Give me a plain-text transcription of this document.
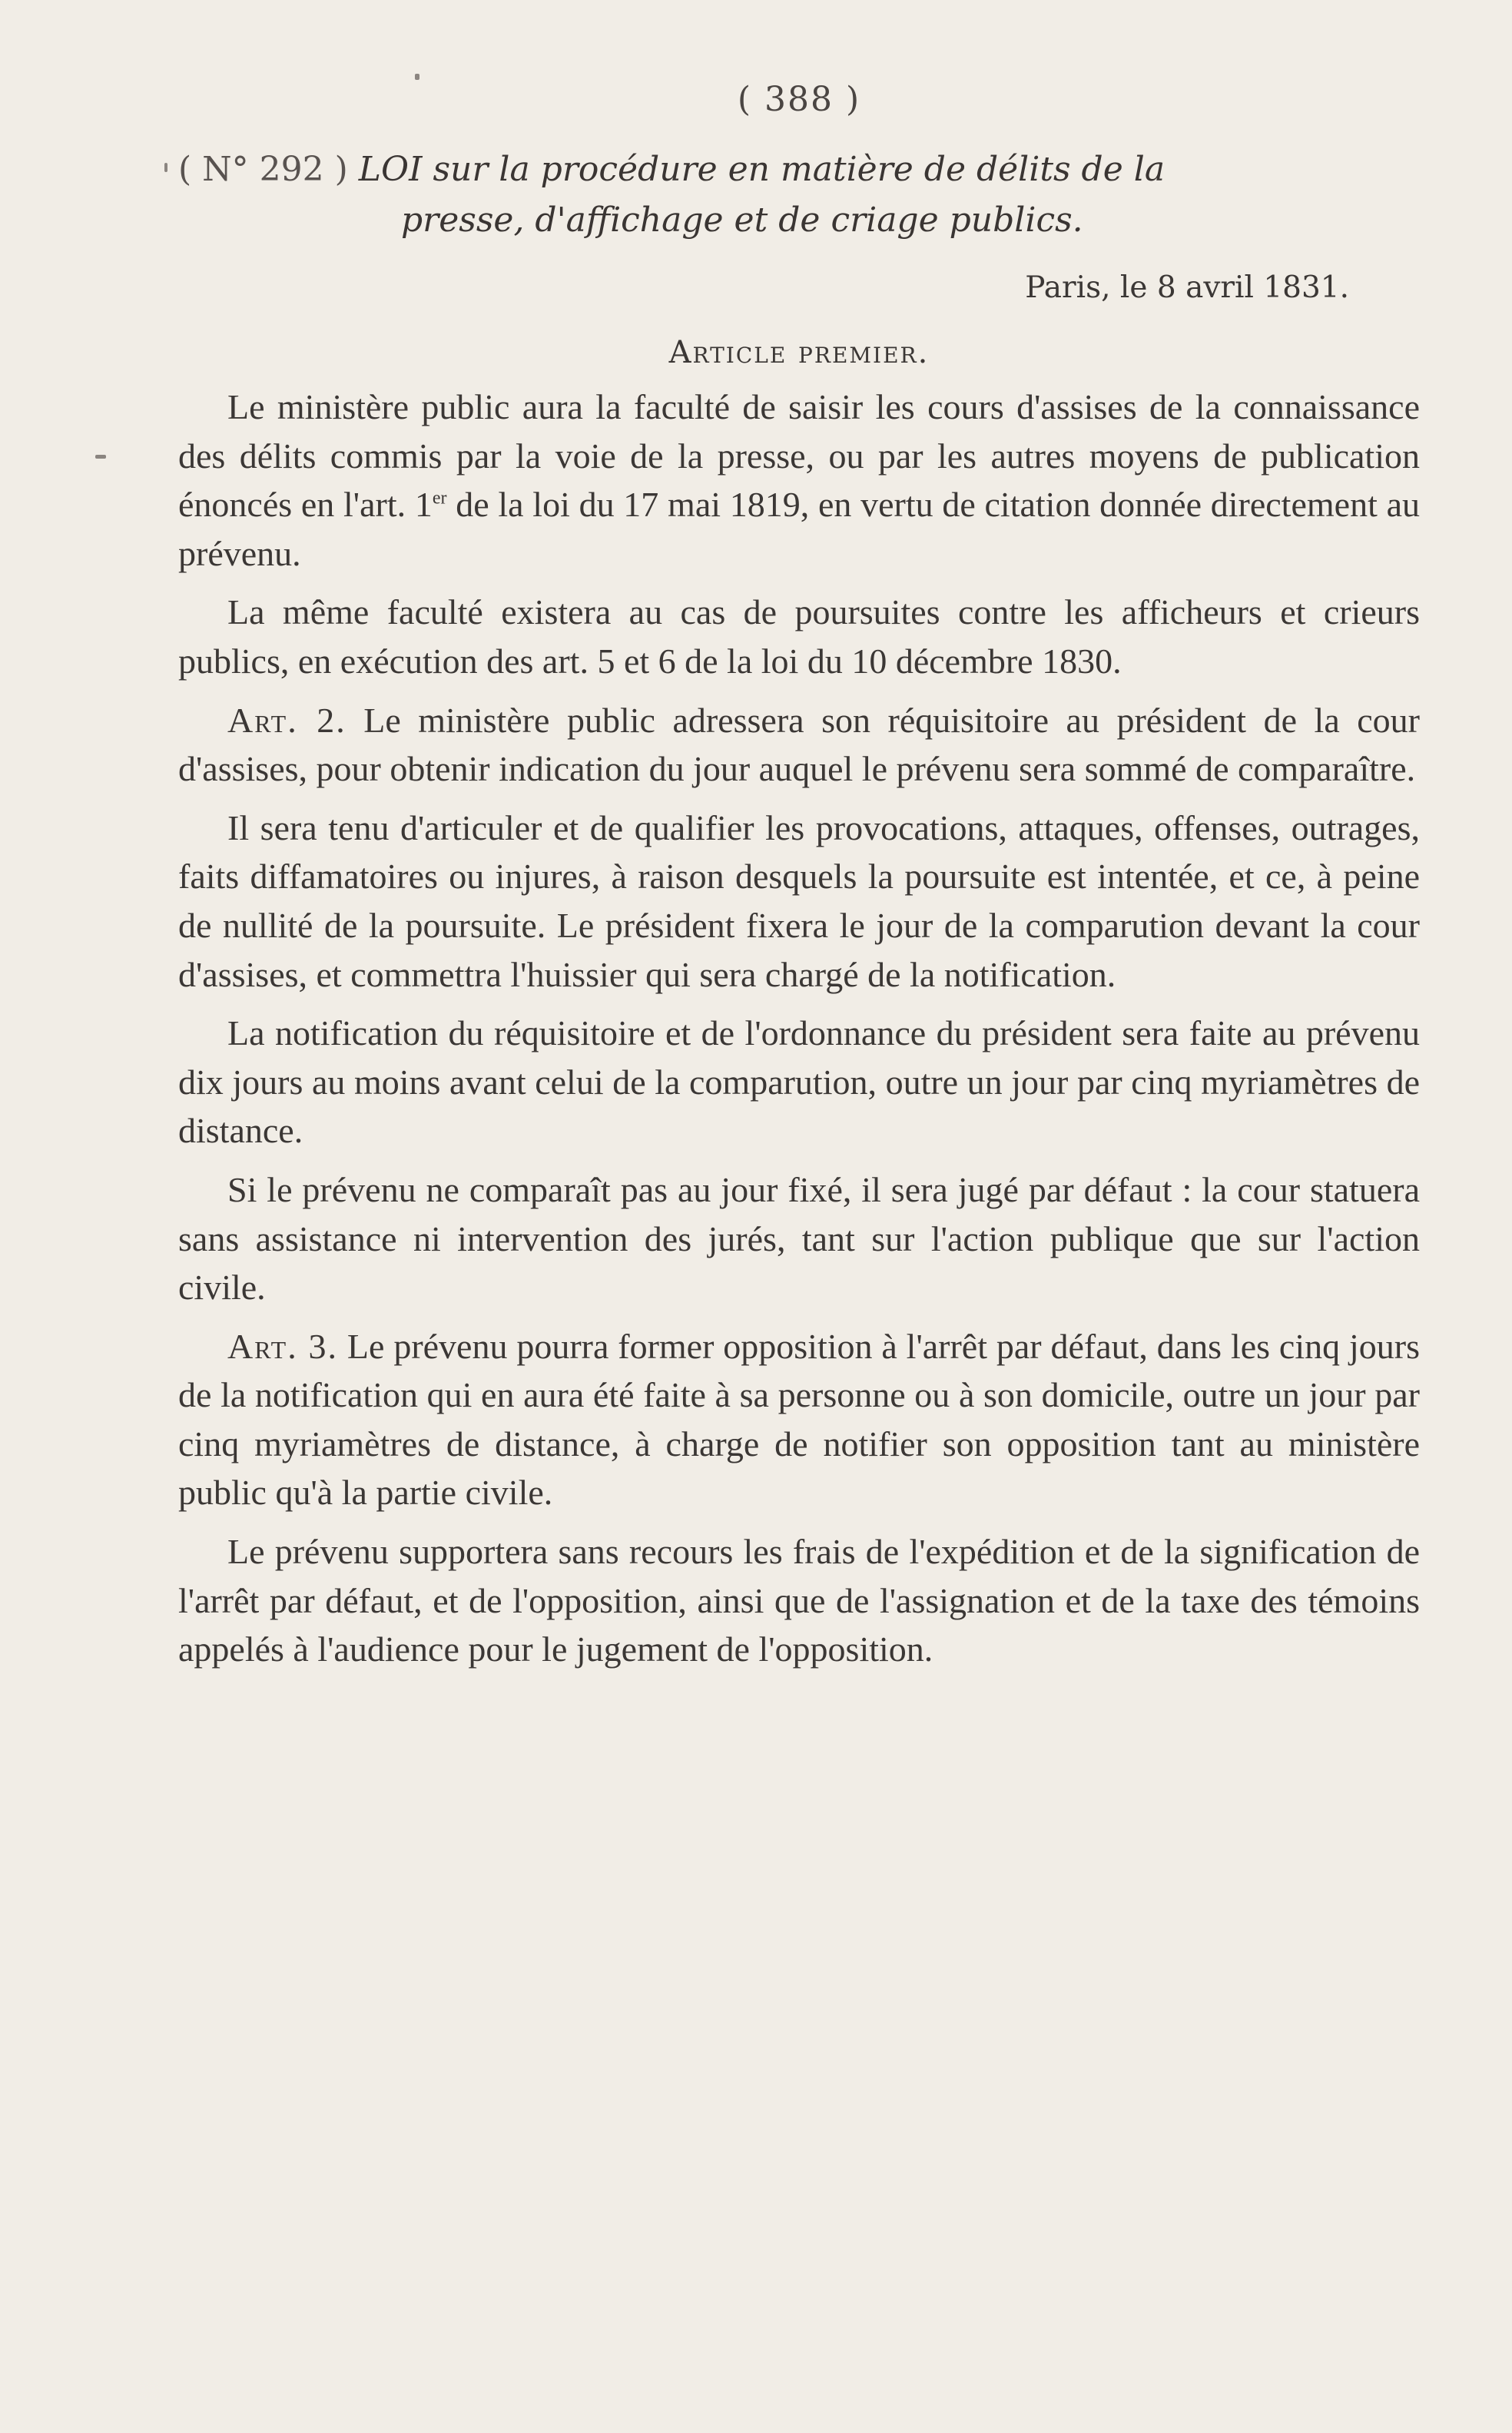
( 388 )
( N° 292 ) LOI sur la procédure en matière de délits de la
presse, d'affichage et de criage publics.
Paris, le 8 avril 1831.
Article premier.

Le ministère public aura la faculté de saisir les cours d'assises de la connaissance des délits commis par la voie de la presse, ou par les autres moyens de publication énoncés en l'art. 1er de la loi du 17 mai 1819, en vertu de citation donnée directement au prévenu.

La même faculté existera au cas de poursuites contre les afficheurs et crieurs publics, en exécution des art. 5 et 6 de la loi du 10 décembre 1830.

Art. 2. Le ministère public adressera son réquisitoire au président de la cour d'assises, pour obtenir indication du jour auquel le prévenu sera sommé de comparaître.

Il sera tenu d'articuler et de qualifier les provocations, attaques, offenses, outrages, faits diffamatoires ou injures, à raison desquels la poursuite est intentée, et ce, à peine de nullité de la poursuite. Le président fixera le jour de la comparution devant la cour d'assises, et commettra l'huissier qui sera chargé de la notification.

La notification du réquisitoire et de l'ordonnance du président sera faite au prévenu dix jours au moins avant celui de la comparution, outre un jour par cinq myriamètres de distance.

Si le prévenu ne comparaît pas au jour fixé, il sera jugé par défaut : la cour statuera sans assistance ni intervention des jurés, tant sur l'action publique que sur l'action civile.

Art. 3. Le prévenu pourra former opposition à l'arrêt par défaut, dans les cinq jours de la notification qui en aura été faite à sa personne ou à son domicile, outre un jour par cinq myriamètres de distance, à charge de notifier son opposition tant au ministère public qu'à la partie civile.

Le prévenu supportera sans recours les frais de l'expédition et de la signification de l'arrêt par défaut, et de l'opposition, ainsi que de l'assignation et de la taxe des témoins appelés à l'audience pour le jugement de l'opposition.
